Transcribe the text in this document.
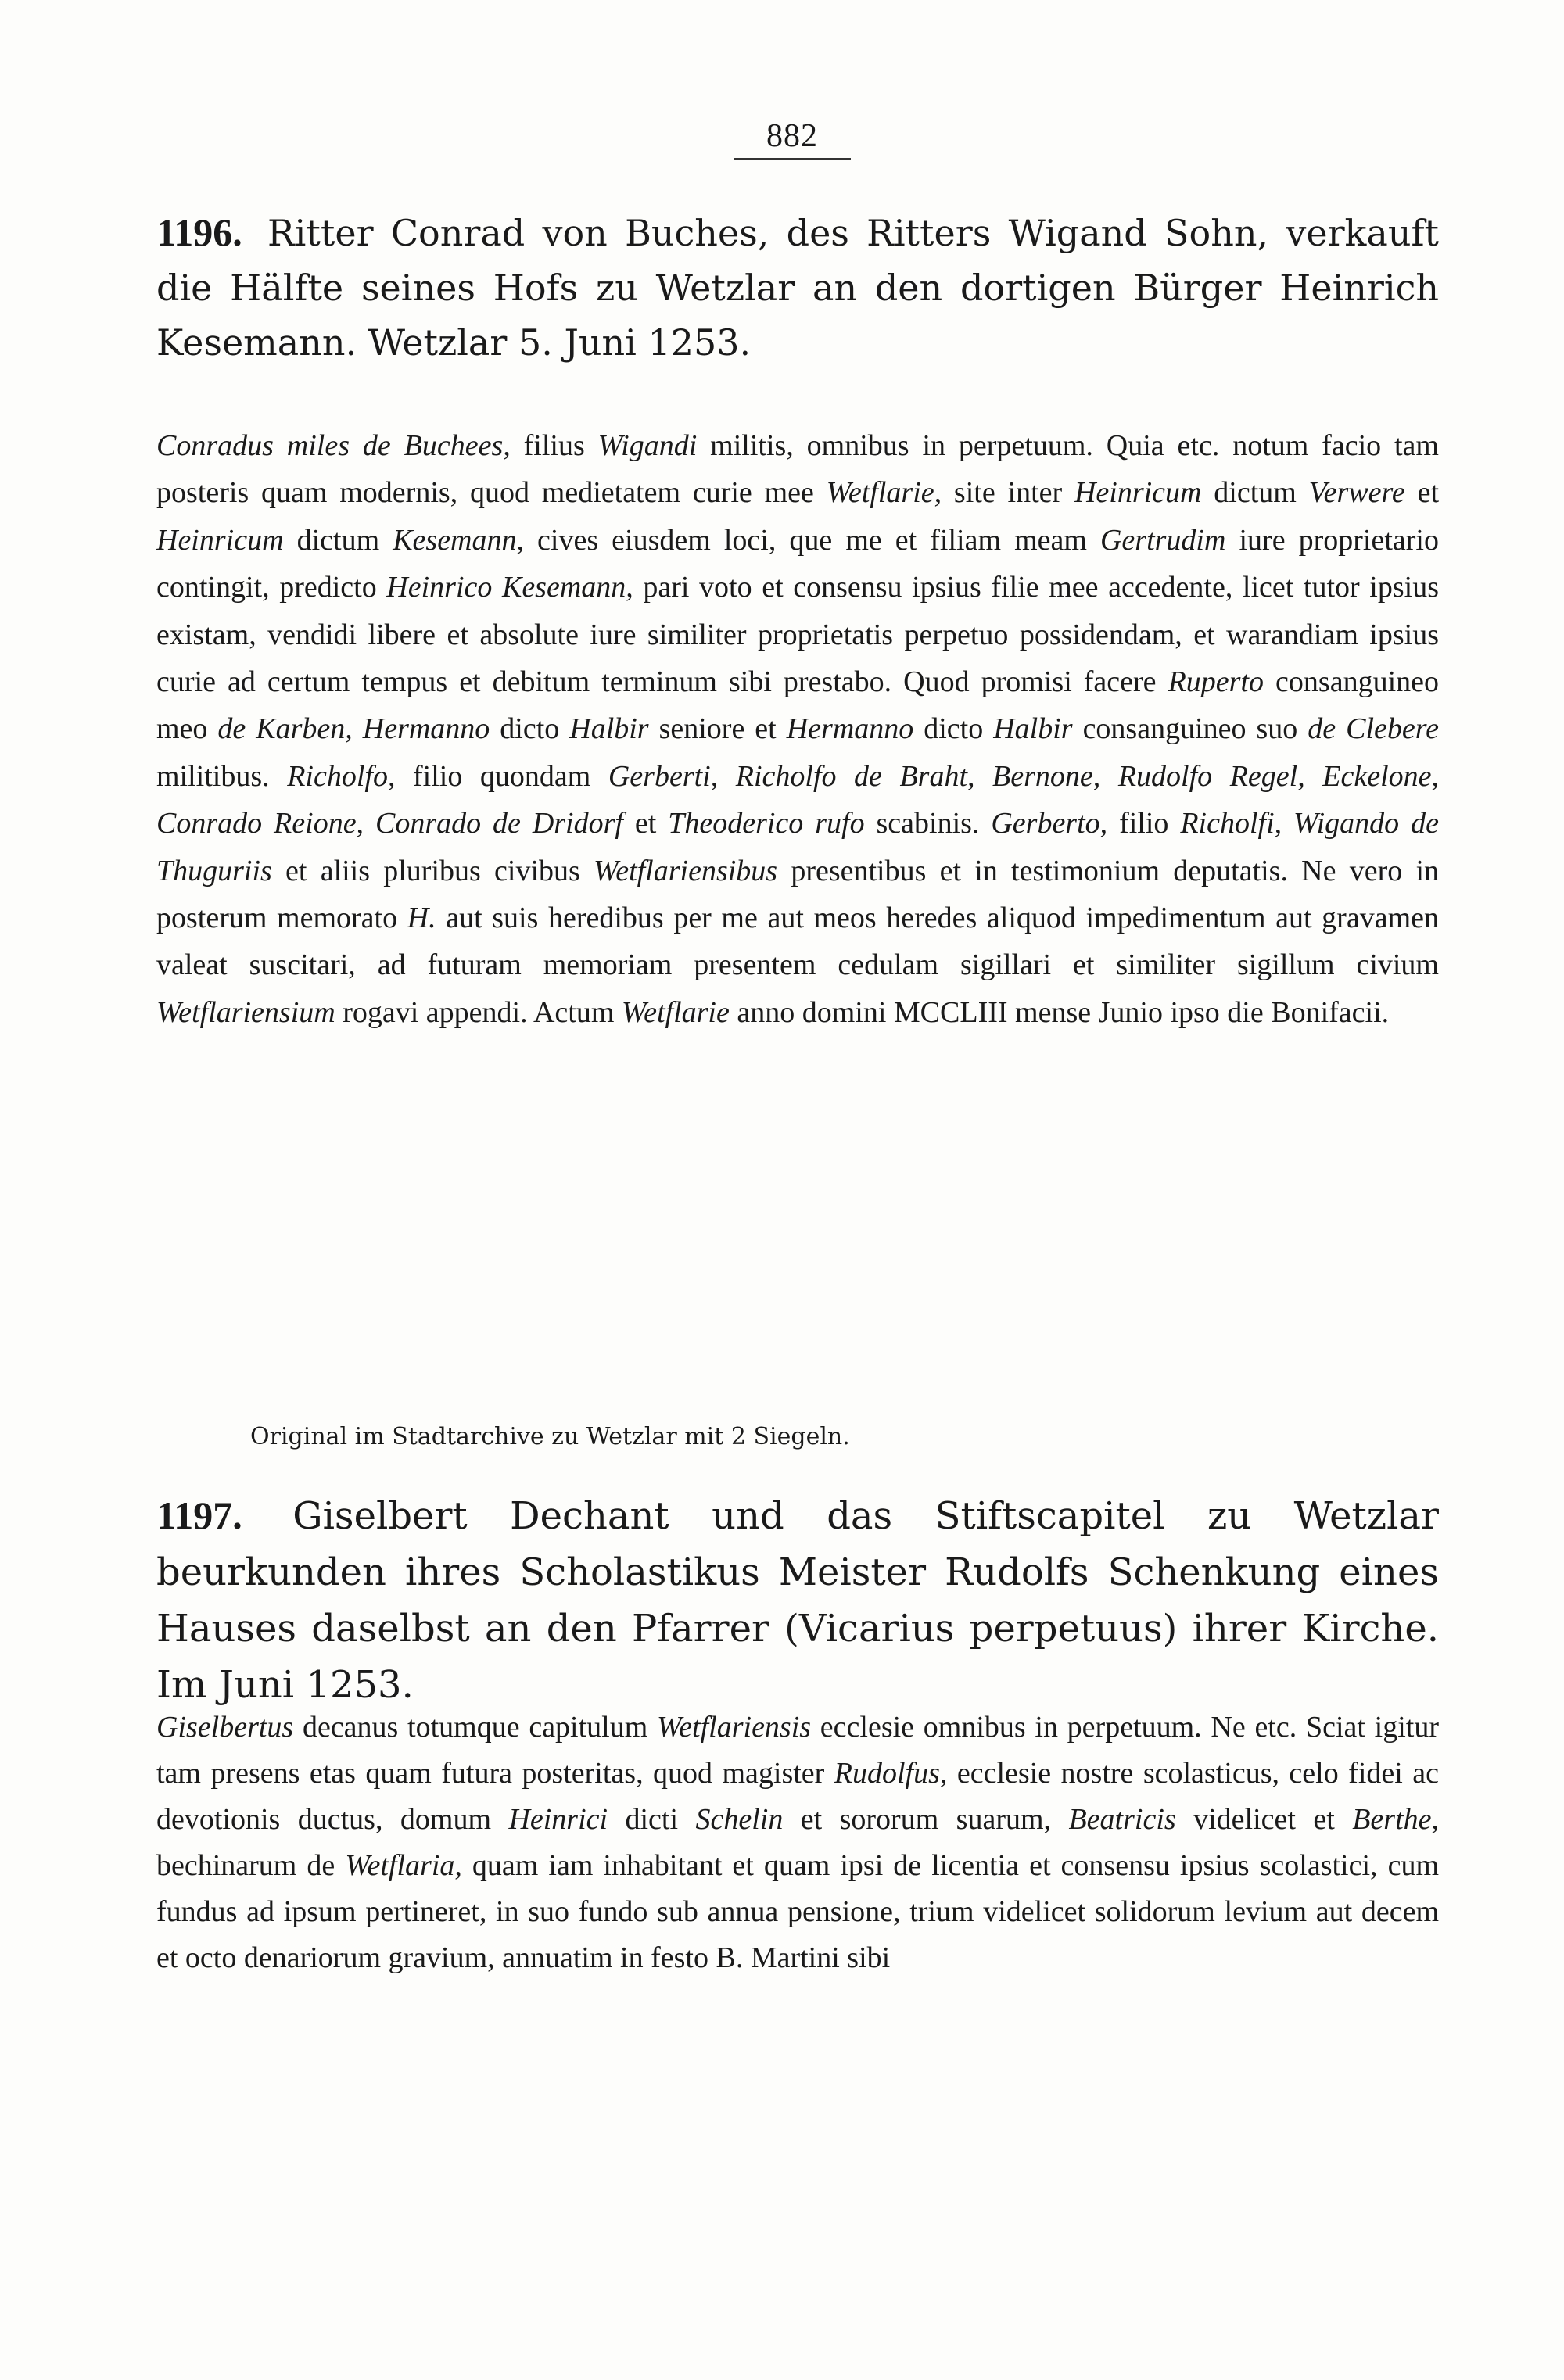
882
1196. Ritter Conrad von Buches, des Ritters Wigand Sohn, verkauft die Hälfte seines Hofs zu Wetzlar an den dortigen Bürger Heinrich Kesemann. Wetzlar 5. Juni 1253.
Conradus miles de Buchees, filius Wigandi militis, omnibus in perpetuum. Quia etc. notum facio tam posteris quam modernis, quod medietatem curie mee Wetflarie, site inter Heinricum dictum Verwere et Heinricum dictum Kesemann, cives eiusdem loci, que me et filiam meam Gertrudim iure proprietario contingit, predicto Heinrico Kesemann, pari voto et consensu ipsius filie mee accedente, licet tutor ipsius existam, vendidi libere et absolute iure similiter proprietatis perpetuo possidendam, et warandiam ipsius curie ad certum tempus et debitum terminum sibi prestabo. Quod promisi facere Ruperto consanguineo meo de Karben, Hermanno dicto Halbir seniore et Hermanno dicto Halbir consanguineo suo de Clebere militibus. Richolfo, filio quondam Gerberti, Richolfo de Braht, Bernone, Rudolfo Regel, Eckelone, Conrado Reione, Conrado de Dridorf et Theoderico rufo scabinis. Gerberto, filio Richolfi, Wigando de Thuguriis et aliis pluribus civibus Wetflariensibus presentibus et in testimonium deputatis. Ne vero in posterum memorato H. aut suis heredibus per me aut meos heredes aliquod impedimentum aut gravamen valeat suscitari, ad futuram memoriam presentem cedulam sigillari et similiter sigillum civium Wetflariensium rogavi appendi. Actum Wetflarie anno domini MCCLIII mense Junio ipso die Bonifacii.
Original im Stadtarchive zu Wetzlar mit 2 Siegeln.
1197. Giselbert Dechant und das Stiftscapitel zu Wetzlar beurkunden ihres Scholastikus Meister Rudolfs Schenkung eines Hauses daselbst an den Pfarrer (Vicarius perpetuus) ihrer Kirche. Im Juni 1253.
Giselbertus decanus totumque capitulum Wetflariensis ecclesie omnibus in perpetuum. Ne etc. Sciat igitur tam presens etas quam futura posteritas, quod magister Rudolfus, ecclesie nostre scolasticus, celo fidei ac devotionis ductus, domum Heinrici dicti Schelin et sororum suarum, Beatricis videlicet et Berthe, bechinarum de Wetflaria, quam iam inhabitant et quam ipsi de licentia et consensu ipsius scolastici, cum fundus ad ipsum pertineret, in suo fundo sub annua pensione, trium videlicet solidorum levium aut decem et octo denariorum gravium, annuatim in festo B. Martini sibi
